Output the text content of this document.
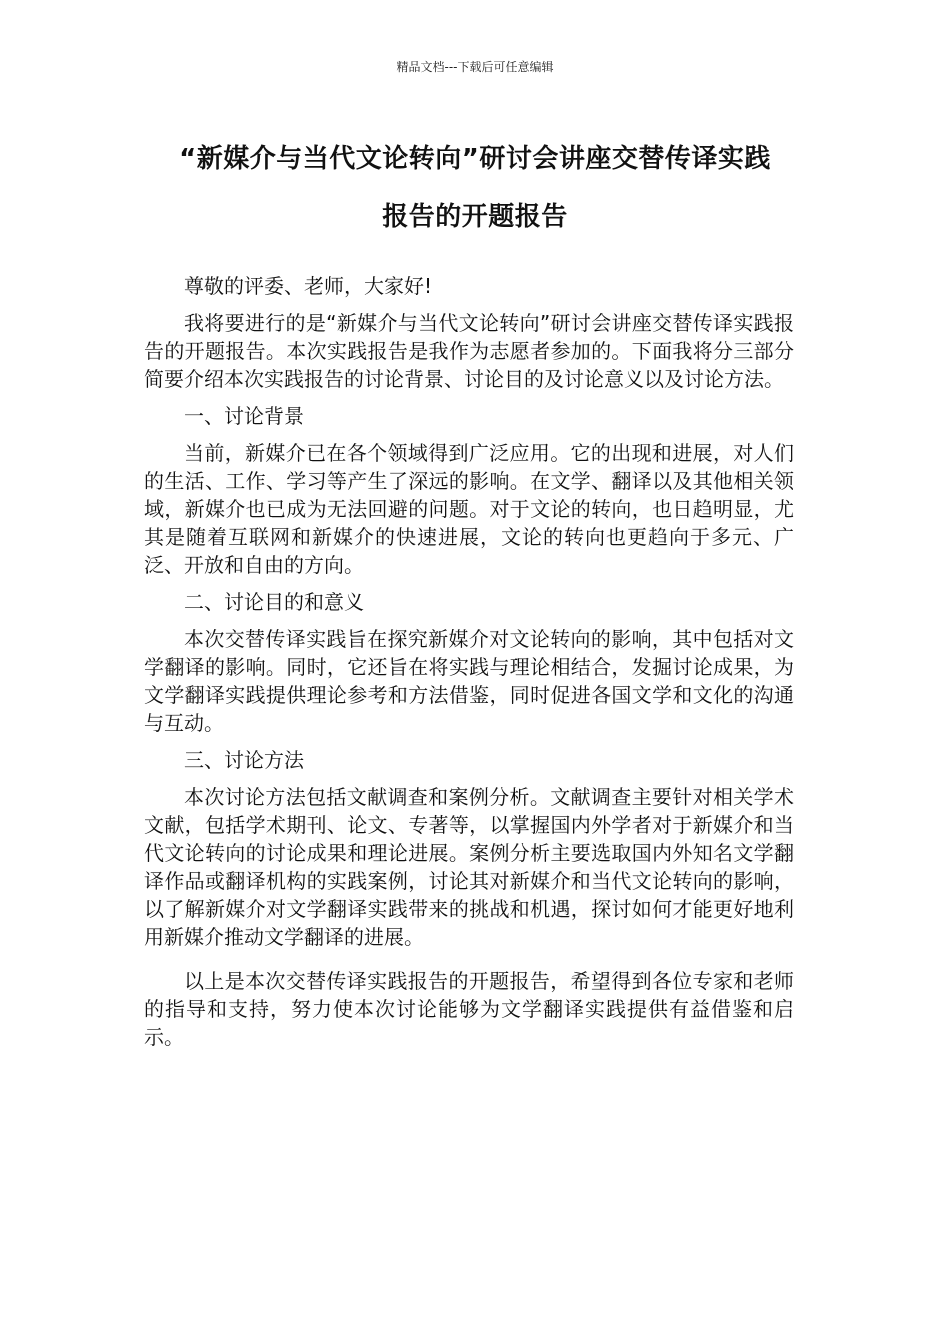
精品文档---下载后可任意编辑
“新媒介与当代文论转向”研讨会讲座交替传译实践
报告的开题报告

尊敬的评委、老师，大家好!

我将要进行的是“新媒介与当代文论转向”研讨会讲座交替传译实践报告的开题报告。本次实践报告是我作为志愿者参加的。下面我将分三部分简要介绍本次实践报告的讨论背景、讨论目的及讨论意义以及讨论方法。

一、讨论背景

当前，新媒介已在各个领域得到广泛应用。它的出现和进展，对人们的生活、工作、学习等产生了深远的影响。在文学、翻译以及其他相关领域，新媒介也已成为无法回避的问题。对于文论的转向，也日趋明显，尤其是随着互联网和新媒介的快速进展，文论的转向也更趋向于多元、广泛、开放和自由的方向。

二、讨论目的和意义

本次交替传译实践旨在探究新媒介对文论转向的影响，其中包括对文学翻译的影响。同时，它还旨在将实践与理论相结合，发掘讨论成果，为文学翻译实践提供理论参考和方法借鉴，同时促进各国文学和文化的沟通与互动。

三、讨论方法

本次讨论方法包括文献调查和案例分析。文献调查主要针对相关学术文献，包括学术期刊、论文、专著等，以掌握国内外学者对于新媒介和当代文论转向的讨论成果和理论进展。案例分析主要选取国内外知名文学翻译作品或翻译机构的实践案例，讨论其对新媒介和当代文论转向的影响，以了解新媒介对文学翻译实践带来的挑战和机遇，探讨如何才能更好地利用新媒介推动文学翻译的进展。

以上是本次交替传译实践报告的开题报告，希望得到各位专家和老师的指导和支持，努力使本次讨论能够为文学翻译实践提供有益借鉴和启示。
